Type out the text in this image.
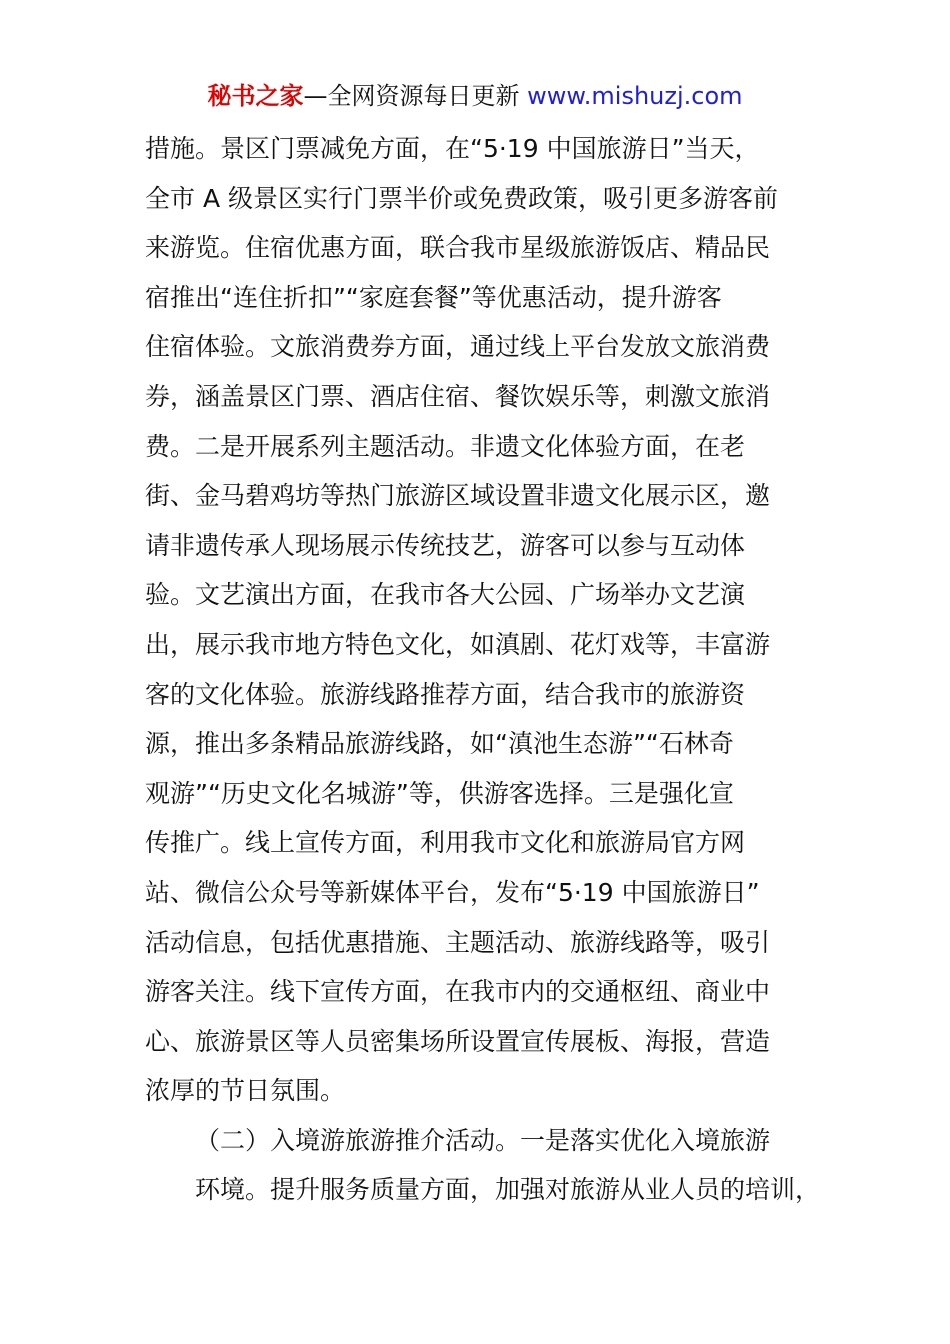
秘书之家—全网资源每日更新 www.mishuzj.com

措施。景区门票减免方面，在“5·19 中国旅游日”当天，
全市 A 级景区实行门票半价或免费政策，吸引更多游客前
来游览。住宿优惠方面，联合我市星级旅游饭店、精品民
宿推出“连住折扣”“家庭套餐”等优惠活动，提升游客
住宿体验。文旅消费券方面，通过线上平台发放文旅消费
券，涵盖景区门票、酒店住宿、餐饮娱乐等，刺激文旅消
费。二是开展系列主题活动。非遗文化体验方面，在老
街、金马碧鸡坊等热门旅游区域设置非遗文化展示区，邀
请非遗传承人现场展示传统技艺，游客可以参与互动体
验。文艺演出方面，在我市各大公园、广场举办文艺演
出，展示我市地方特色文化，如滇剧、花灯戏等，丰富游
客的文化体验。旅游线路推荐方面，结合我市的旅游资
源，推出多条精品旅游线路，如“滇池生态游”“石林奇
观游”“历史文化名城游”等，供游客选择。三是强化宣
传推广。线上宣传方面，利用我市文化和旅游局官方网
站、微信公众号等新媒体平台，发布“5·19 中国旅游日”
活动信息，包括优惠措施、主题活动、旅游线路等，吸引
游客关注。线下宣传方面，在我市内的交通枢纽、商业中
心、旅游景区等人员密集场所设置宣传展板、海报，营造
浓厚的节日氛围。

（二）入境游旅游推介活动。一是落实优化入境旅游
环境。提升服务质量方面，加强对旅游从业人员的培训，
